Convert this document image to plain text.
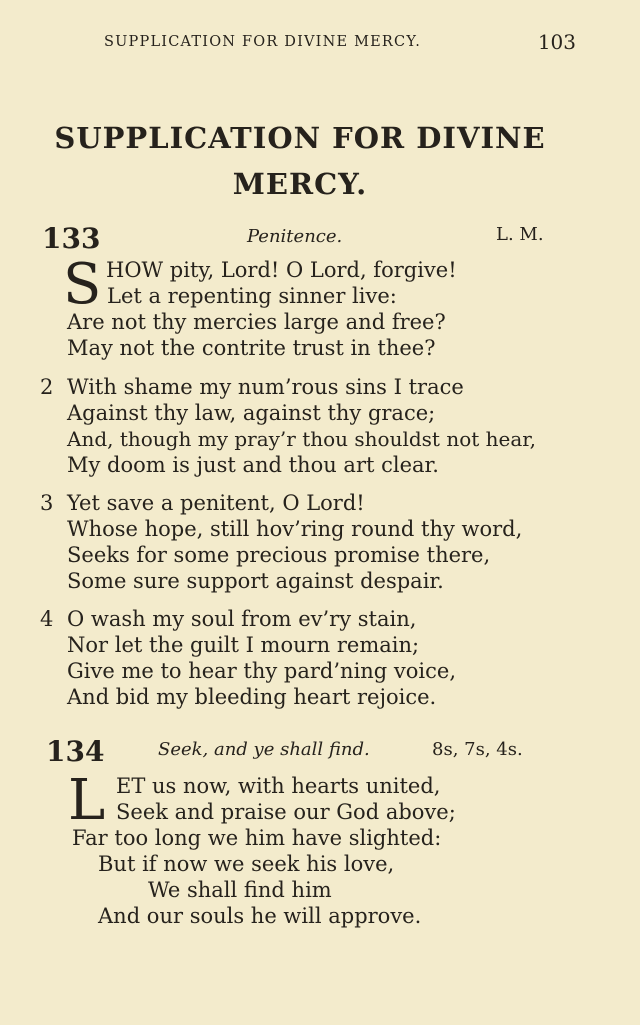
SUPPLICATION FOR DIVINE MERCY.	103
SUPPLICATION FOR DIVINE
MERCY.
133	Penitence.	L. M.
S HOW pity, Lord! O Lord, forgive!
Let a repenting sinner live:
Are not thy mercies large and free?
May not the contrite trust in thee?
2 With shame my num’rous sins I trace
Against thy law, against thy grace;
And, though my pray’r thou shouldst not hear,
My doom is just and thou art clear.
3 Yet save a penitent, O Lord!
Whose hope, still hov’ring round thy word,
Seeks for some precious promise there,
Some sure support against despair.
4 O wash my soul from ev’ry stain,
Nor let the guilt I mourn remain;
Give me to hear thy pard’ning voice,
And bid my bleeding heart rejoice.
134	Seek, and ye shall find.	8s, 7s, 4s.
L ET us now, with hearts united,
Seek and praise our God above;
Far too long we him have slighted:
But if now we seek his love,
We shall find him
And our souls he will approve.
